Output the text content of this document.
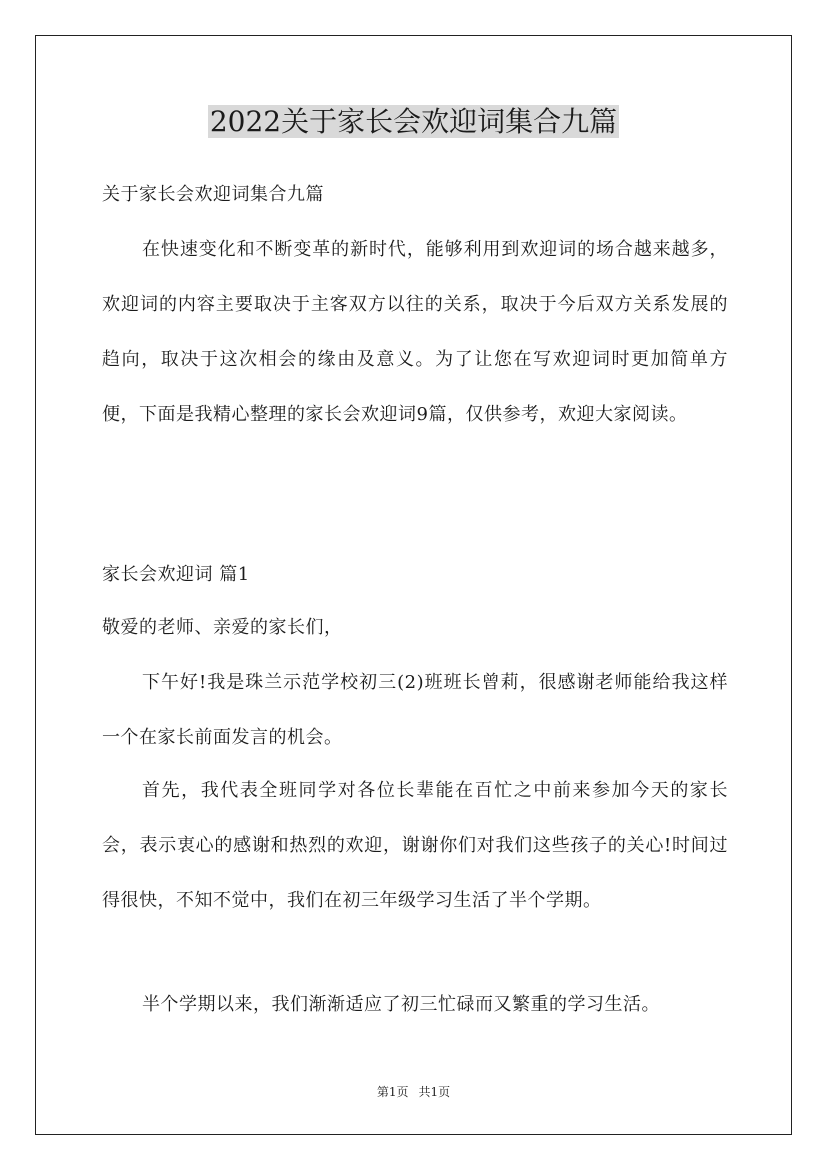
2022关于家长会欢迎词集合九篇
关于家长会欢迎词集合九篇
在快速变化和不断变革的新时代，能够利用到欢迎词的场合越来越多，欢迎词的内容主要取决于主客双方以往的关系，取决于今后双方关系发展的趋向，取决于这次相会的缘由及意义。为了让您在写欢迎词时更加简单方便，下面是我精心整理的家长会欢迎词9篇，仅供参考，欢迎大家阅读。
家长会欢迎词 篇1
敬爱的老师、亲爱的家长们，
下午好!我是珠兰示范学校初三(2)班班长曾莉，很感谢老师能给我这样一个在家长前面发言的机会。
首先，我代表全班同学对各位长辈能在百忙之中前来参加今天的家长会，表示衷心的感谢和热烈的欢迎，谢谢你们对我们这些孩子的关心!时间过得很快，不知不觉中，我们在初三年级学习生活了半个学期。
半个学期以来，我们渐渐适应了初三忙碌而又繁重的学习生活。
第1页 共1页
